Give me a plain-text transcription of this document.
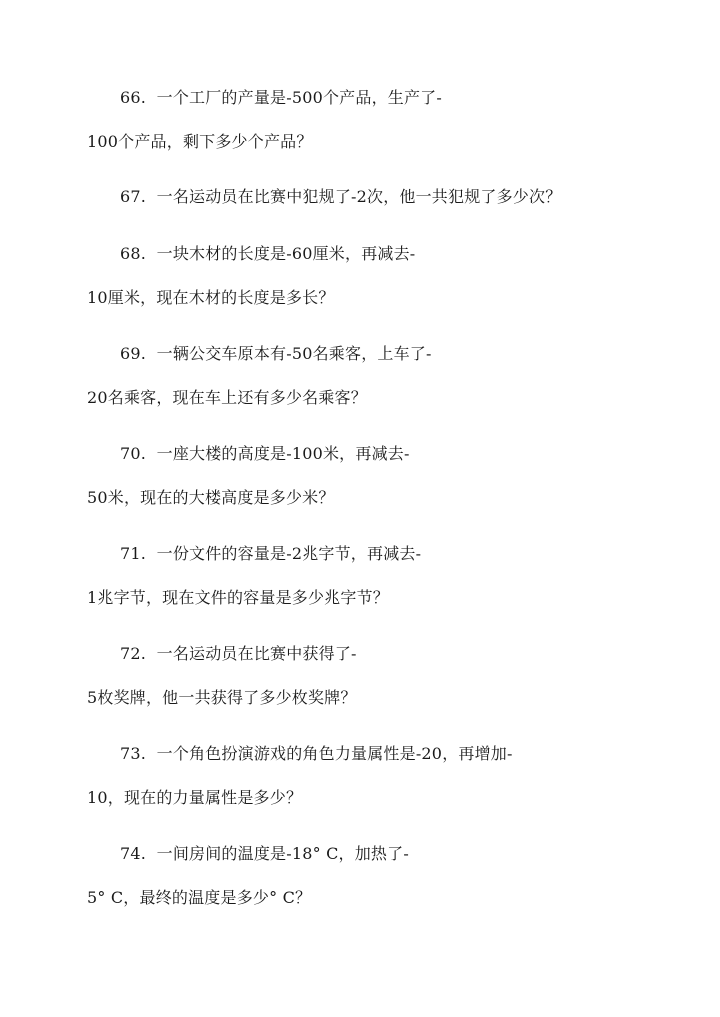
66. 一个工厂的产量是-500个产品，生产了-
100个产品，剩下多少个产品？
67. 一名运动员在比赛中犯规了-2次，他一共犯规了多少次？
68. 一块木材的长度是-60厘米，再减去-
10厘米，现在木材的长度是多长？
69. 一辆公交车原本有-50名乘客，上车了-
20名乘客，现在车上还有多少名乘客？
70. 一座大楼的高度是-100米，再减去-
50米，现在的大楼高度是多少米？
71. 一份文件的容量是-2兆字节，再减去-
1兆字节，现在文件的容量是多少兆字节？
72. 一名运动员在比赛中获得了-
5枚奖牌，他一共获得了多少枚奖牌？
73. 一个角色扮演游戏的角色力量属性是-20，再增加-
10，现在的力量属性是多少？
74. 一间房间的温度是-18° C，加热了-
5° C，最终的温度是多少° C？
